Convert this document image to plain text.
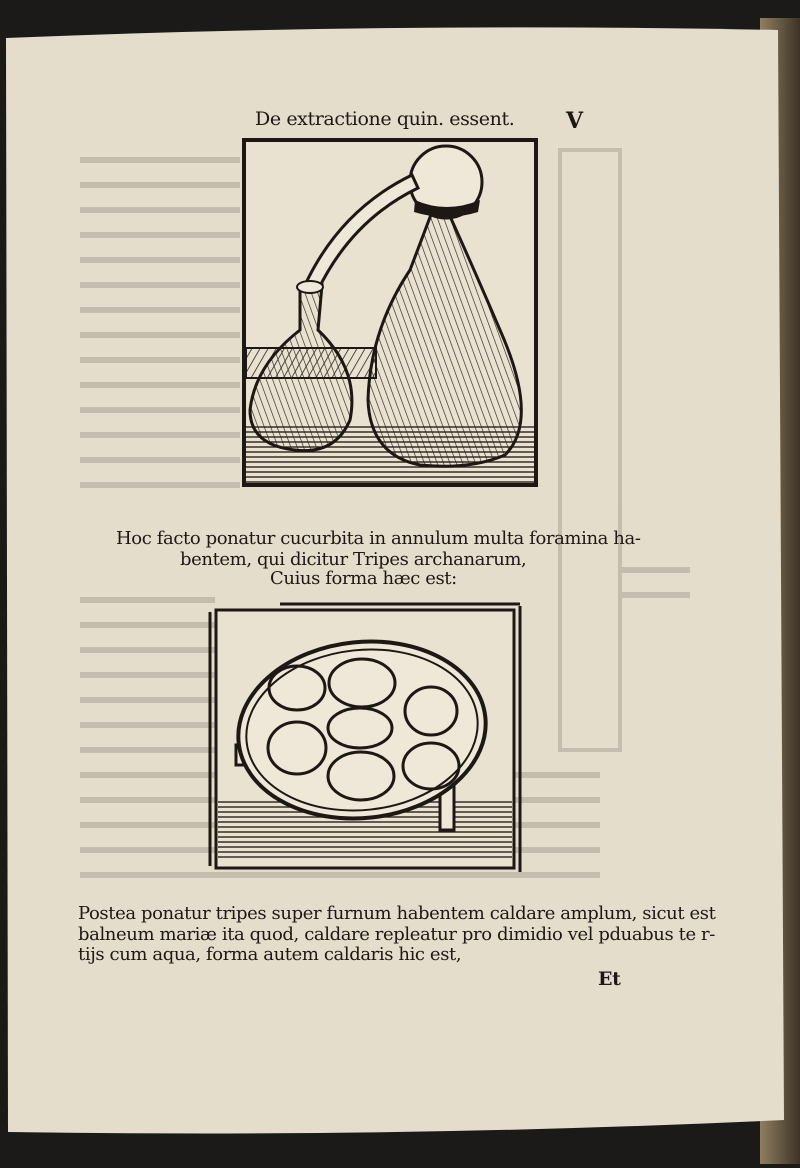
De extractione quin. essent. V
Hoc facto ponatur cucurbita in annulum multa foramina ha-
bentem, qui dicitur Tripes archanarum,
Cuius forma hæc est:
Postea ponatur tripes super furnum habentem caldare amplum, sicut est
balneum mariæ ita quod, caldare repleatur pro dimidio vel pduabus te r-
tijs cum aqua, forma autem caldaris hic est,
Et
